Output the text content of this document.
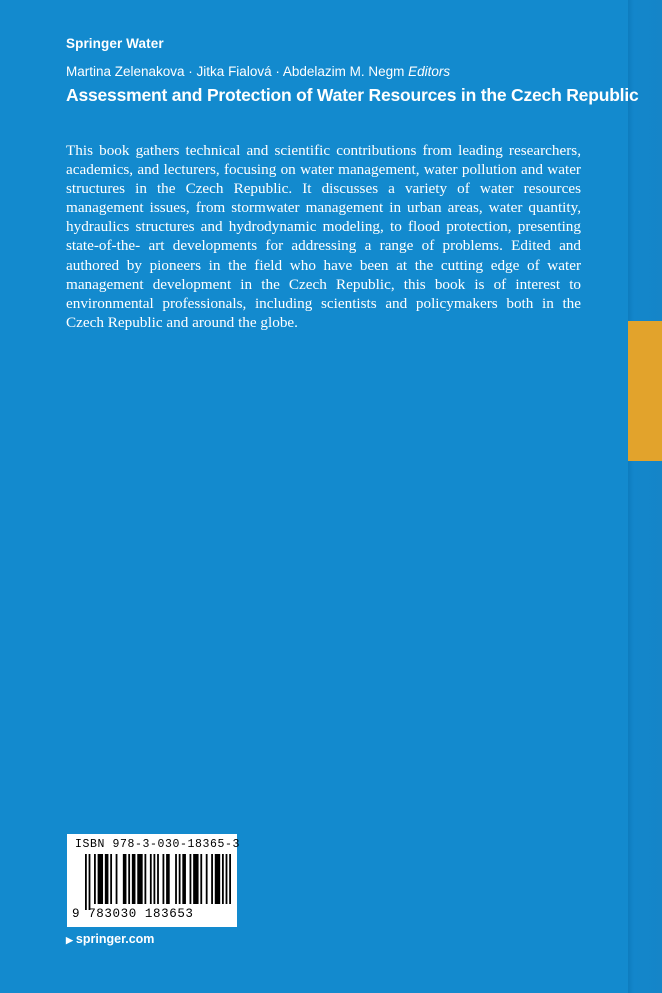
Springer Water
Martina Zelenakova · Jitka Fialová · Abdelazim M. Negm Editors
Assessment and Protection of Water Resources in the Czech Republic

This book gathers technical and scientific contributions from leading researchers, academics, and lecturers, focusing on water management, water pollution and water structures in the Czech Republic. It discusses a variety of water resources management issues, from stormwater management in urban areas, water quantity, hydraulics structures and hydrodynamic modeling, to flood protection, presenting state-of-the- art developments for addressing a range of problems. Edited and authored by pioneers in the field who have been at the cutting edge of water management development in the Czech Republic, this book is of interest to environmental professionals, including scientists and policymakers both in the Czech Republic and around the globe.

ISBN 978-3-030-18365-3
9 783030 183653
▶ springer.com
